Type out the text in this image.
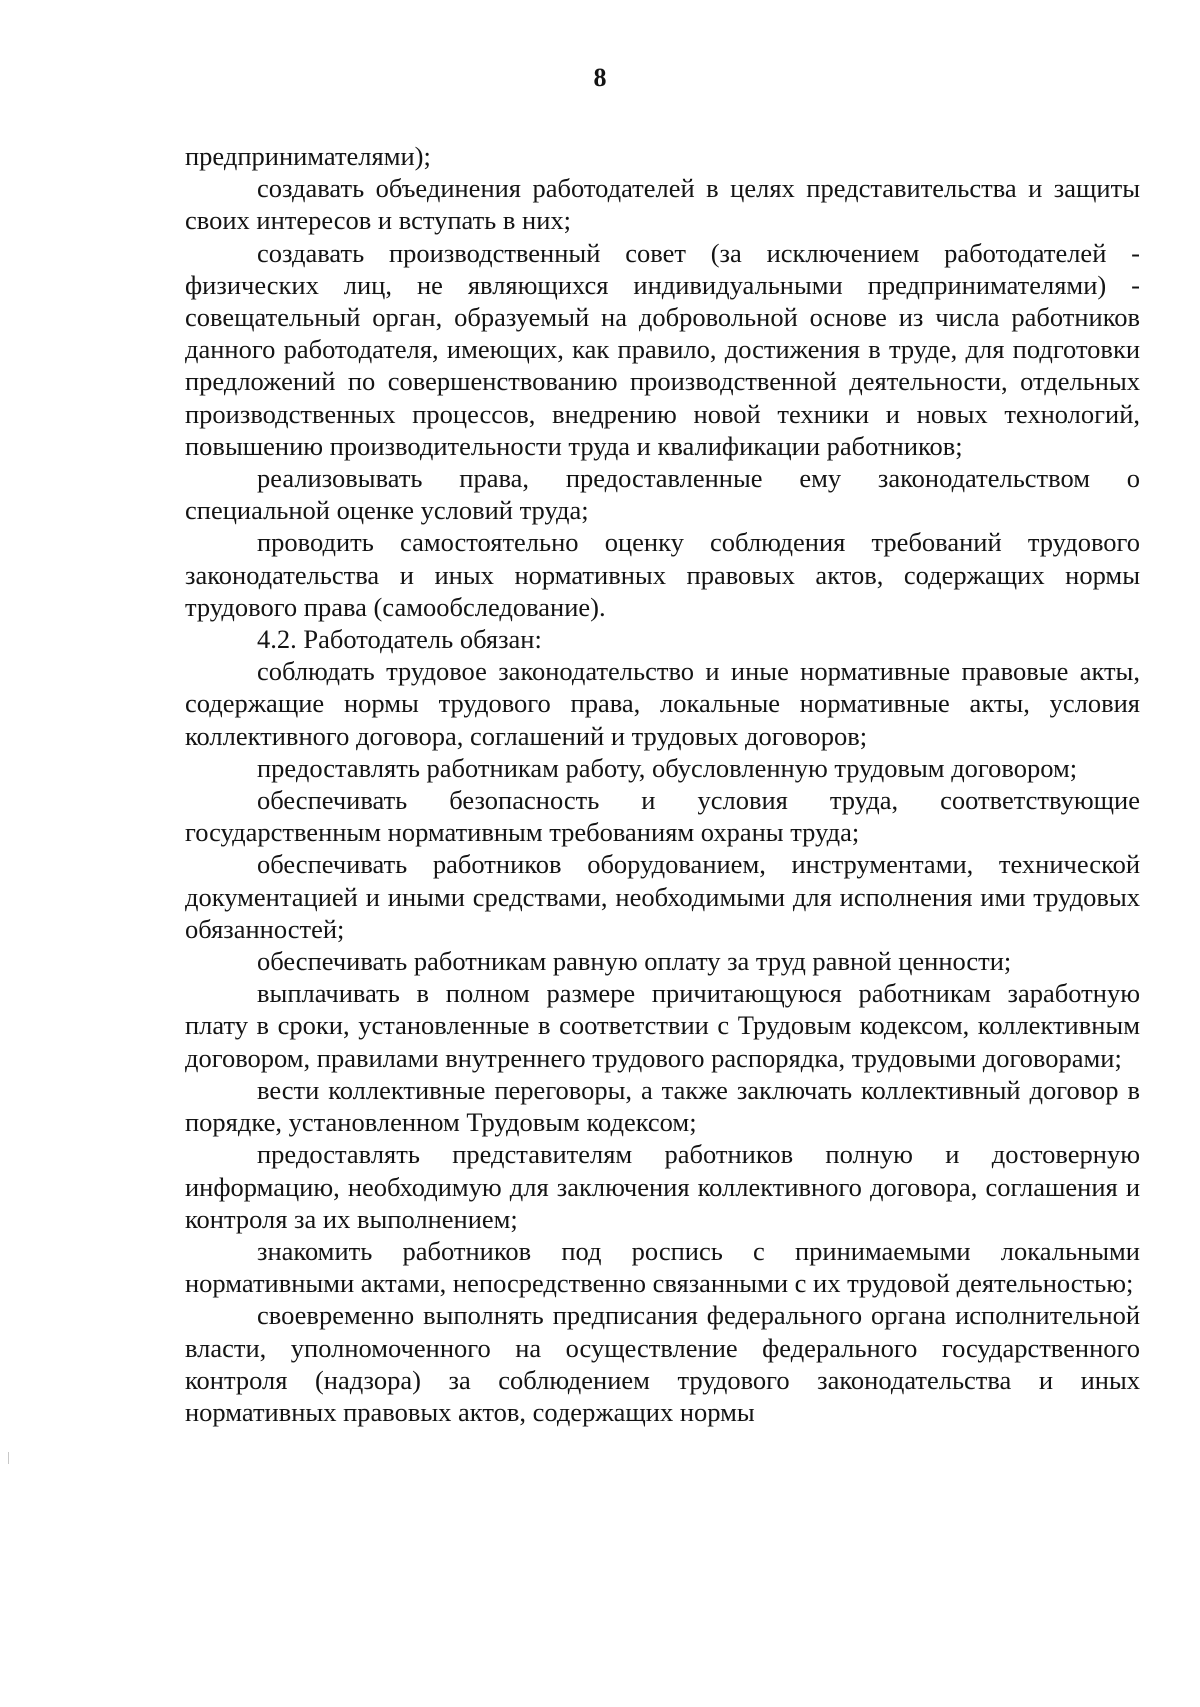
8

предпринимателями);

создавать объединения работодателей в целях представительства и защиты своих интересов и вступать в них;

создавать производственный совет (за исключением работодателей - физических лиц, не являющихся индивидуальными предпринимателями) - совещательный орган, образуемый на добровольной основе из числа работников данного работодателя, имеющих, как правило, достижения в труде, для подготовки предложений по совершенствованию производственной деятельности, отдельных производственных процессов, внедрению новой техники и новых технологий, повышению производительности труда и квалификации работников;

реализовывать права, предоставленные ему законодательством о специальной оценке условий труда;

проводить самостоятельно оценку соблюдения требований трудового законодательства и иных нормативных правовых актов, содержащих нормы трудового права (самообследование).

4.2. Работодатель обязан:

соблюдать трудовое законодательство и иные нормативные правовые акты, содержащие нормы трудового права, локальные нормативные акты, условия коллективного договора, соглашений и трудовых договоров;

предоставлять работникам работу, обусловленную трудовым договором;

обеспечивать безопасность и условия труда, соответствующие государственным нормативным требованиям охраны труда;

обеспечивать работников оборудованием, инструментами, технической документацией и иными средствами, необходимыми для исполнения ими трудовых обязанностей;

обеспечивать работникам равную оплату за труд равной ценности;

выплачивать в полном размере причитающуюся работникам заработную плату в сроки, установленные в соответствии с Трудовым кодексом, коллективным договором, правилами внутреннего трудового распорядка, трудовыми договорами;

вести коллективные переговоры, а также заключать коллективный договор в порядке, установленном Трудовым кодексом;

предоставлять представителям работников полную и достоверную информацию, необходимую для заключения коллективного договора, соглашения и контроля за их выполнением;

знакомить работников под роспись с принимаемыми локальными нормативными актами, непосредственно связанными с их трудовой деятельностью;

своевременно выполнять предписания федерального органа исполнительной власти, уполномоченного на осуществление федерального государственного контроля (надзора) за соблюдением трудового законодательства и иных нормативных правовых актов, содержащих нормы
